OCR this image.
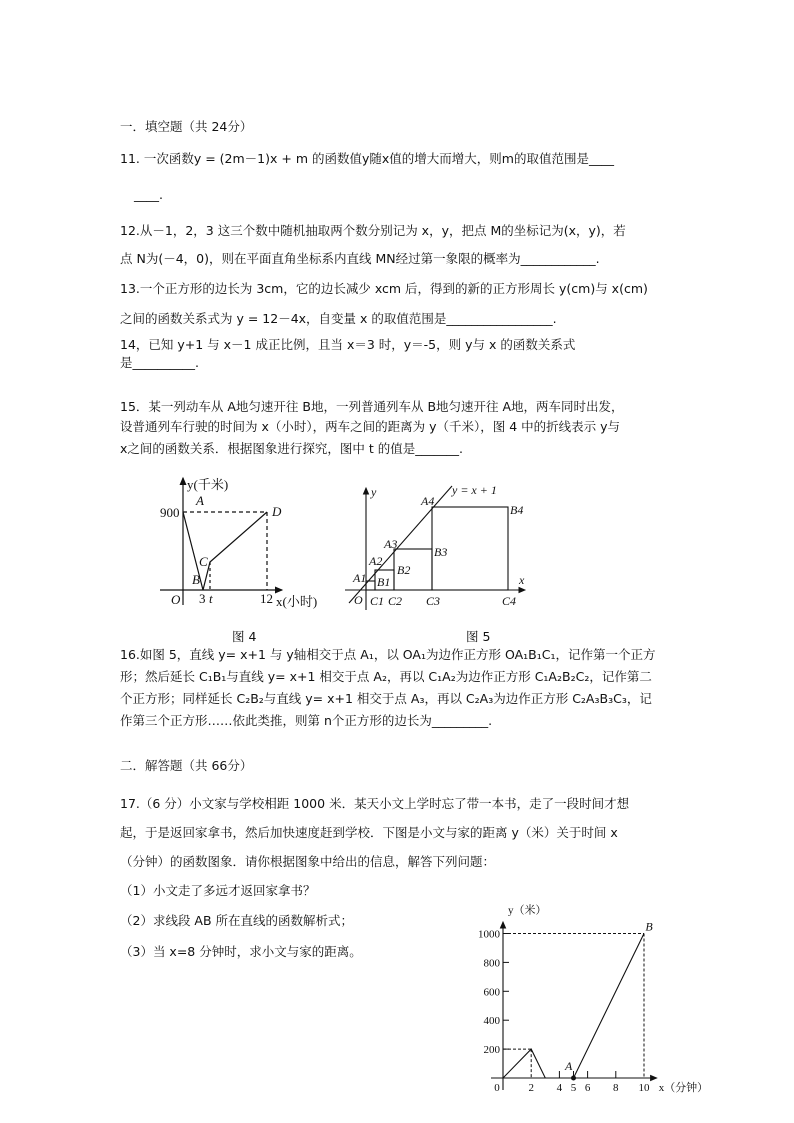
一．填空题（共 24分）
11. 一次函数y = (2m－1)x + m 的函数值y随x值的增大而增大，则m的取值范围是____
____.
12.从－1，2，3 这三个数中随机抽取两个数分别记为 x，y，把点 M的坐标记为(x，y)，若
点 N为(－4，0)，则在平面直角坐标系内直线 MN经过第一象限的概率为____________.
13.一个正方形的边长为 3cm，它的边长减少 xcm 后，得到的新的正方形周长 y(cm)与 x(cm)
之间的函数关系式为 y = 12－4x，自变量 x 的取值范围是_________________.
14，已知 y+1 与 x－1 成正比例，且当 x＝3 时，y＝-5，则 y与 x 的函数关系式
是__________.
15．某一列动车从 A地匀速开往 B地，一列普通列车从 B地匀速开往 A地，两车同时出发，
设普通列车行驶的时间为 x（小时），两车之间的距离为 y（千米），图 4 中的折线表示 y与
x之间的函数关系．根据图象进行探究，图中 t 的值是_______.
y(千米)
A
900	D
C
B
O 3 t	12 x(小时)
y
x
y = x + 1
O
A1
A2
A3
A4
B1
B2
B3
B4
C1 C2 C3	C4
200
400
600
800
1000
0	2 4 5 6 8 10
A
B
y（米）
x（分钟）
图 4	图 5
16.如图 5，直线 y= x+1 与 y轴相交于点 A₁，以 OA₁为边作正方形 OA₁B₁C₁，记作第一个正方
形；然后延长 C₁B₁与直线 y= x+1 相交于点 A₂，再以 C₁A₂为边作正方形 C₁A₂B₂C₂，记作第二
个正方形；同样延长 C₂B₂与直线 y= x+1 相交于点 A₃，再以 C₂A₃为边作正方形 C₂A₃B₃C₃，记
作第三个正方形……依此类推，则第 n个正方形的边长为_________.
二．解答题（共 66分）
17.（6 分）小文家与学校相距 1000 米．某天小文上学时忘了带一本书，走了一段时间才想
起，于是返回家拿书，然后加快速度赶到学校．下图是小文与家的距离 y（米）关于时间 x
（分钟）的函数图象．请你根据图象中给出的信息，解答下列问题：
（1）小文走了多远才返回家拿书？
（2）求线段 AB 所在直线的函数解析式；
（3）当 x=8 分钟时，求小文与家的距离。
